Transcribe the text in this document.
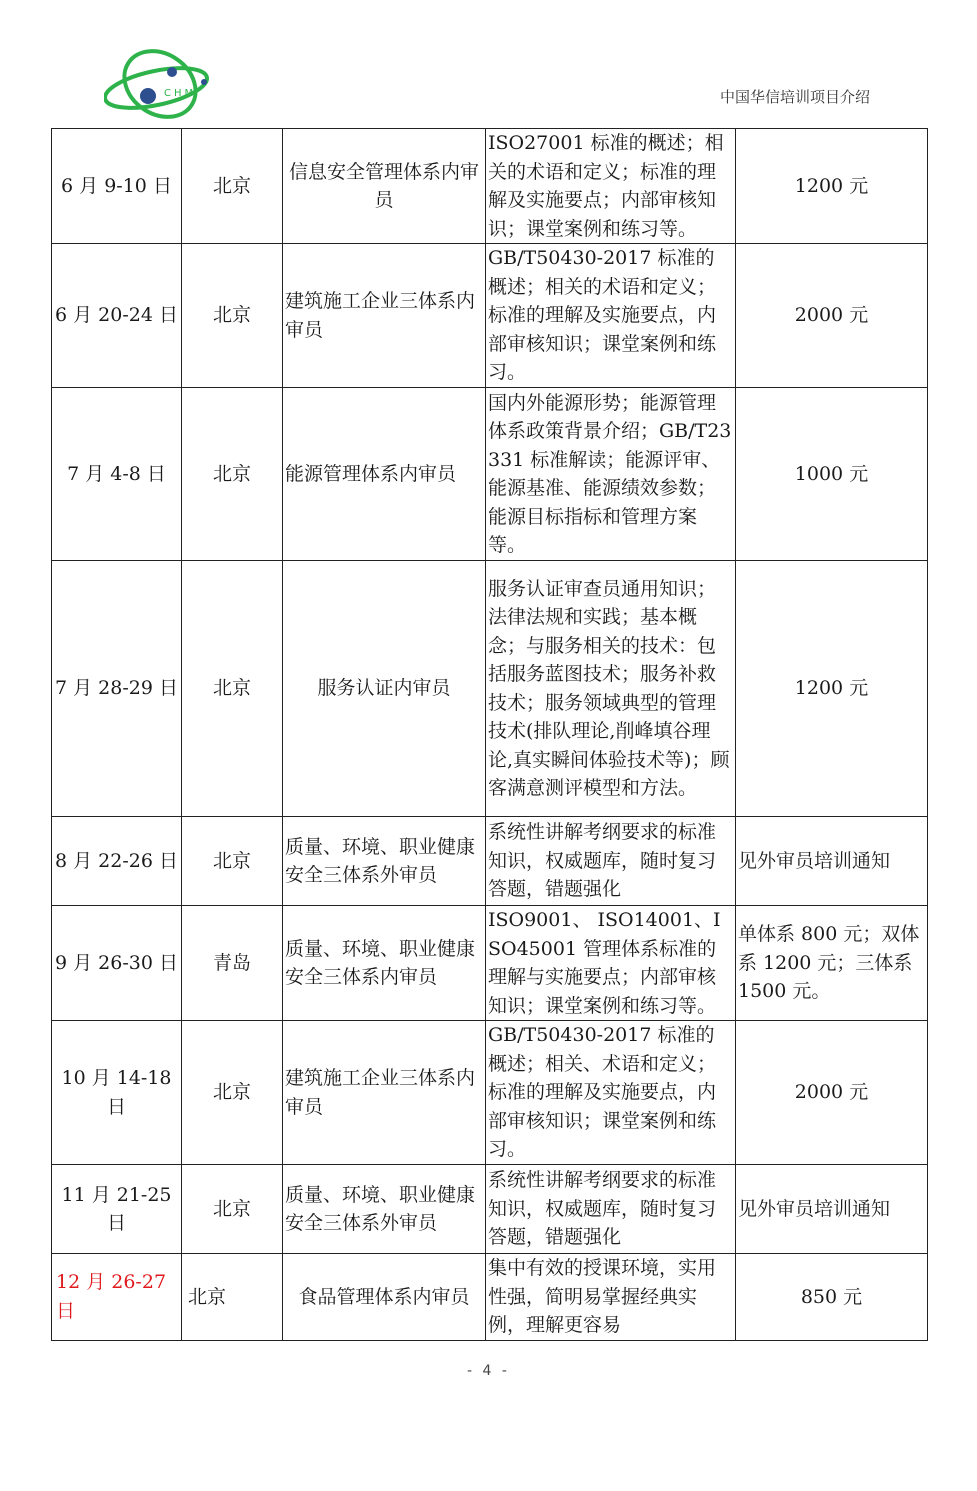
CHM	中国华信培训项目介绍
6 月 9-10 日	北京	信息安全管理体系内审员	ISO27001 标准的概述；相关的术语和定义；标准的理解及实施要点；内部审核知识；课堂案例和练习等。	1200 元
6 月 20-24 日	北京	建筑施工企业三体系内审员	GB/T50430-2017 标准的概述；相关的术语和定义；标准的理解及实施要点，内部审核知识；课堂案例和练习。	2000 元
7 月 4-8 日	北京	能源管理体系内审员	国内外能源形势；能源管理体系政策背景介绍；GB/T23331 标准解读；能源评审、能源基准、能源绩效参数；能源目标指标和管理方案等。	1000 元
7 月 28-29 日	北京	服务认证内审员	服务认证审查员通用知识；法律法规和实践；基本概念；与服务相关的技术：包括服务蓝图技术；服务补救技术；服务领域典型的管理技术(排队理论,削峰填谷理论,真实瞬间体验技术等)；顾客满意测评模型和方法。	1200 元
8 月 22-26 日	北京	质量、环境、职业健康安全三体系外审员	系统性讲解考纲要求的标准知识，权威题库，随时复习答题，错题强化	见外审员培训通知
9 月 26-30 日	青岛	质量、环境、职业健康安全三体系内审员	ISO9001、 ISO14001、ISO45001 管理体系标准的理解与实施要点；内部审核知识；课堂案例和练习等。	单体系 800 元；双体系 1200 元；三体系 1500 元。
10 月 14-18 日	北京	建筑施工企业三体系内审员	GB/T50430-2017 标准的概述；相关、术语和定义；标准的理解及实施要点，内部审核知识；课堂案例和练习。	2000 元
11 月 21-25 日	北京	质量、环境、职业健康安全三体系外审员	系统性讲解考纲要求的标准知识，权威题库，随时复习答题，错题强化	见外审员培训通知
12 月 26-27 日	北京	食品管理体系内审员	集中有效的授课环境，实用性强，简明易掌握经典实例，理解更容易	850 元
- 4 -
